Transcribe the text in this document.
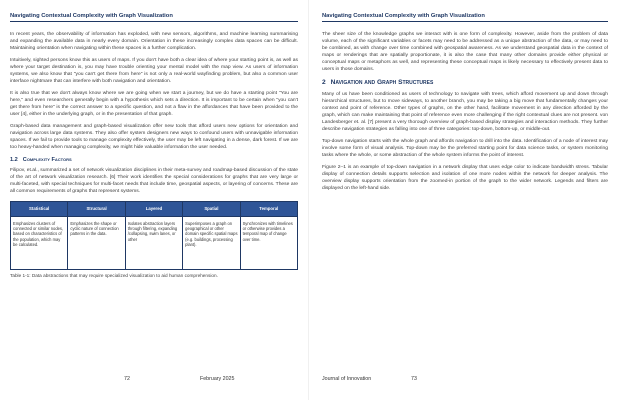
Navigating Contextual Complexity with Graph Visualization

In recent years, the observability of information has exploded, with new sensors, algorithms, and machine learning summarising and expanding the available data in nearly every domain. Orientation in these increasingly complex data spaces can be difficult. Maintaining orientation when navigating within these spaces is a further complication.

Intuitively, sighted persons know this as users of maps. If you don't have both a clear idea of where your starting point is, as well as where your target destination is, you may have trouble orienting your mental model with the map view. As users of information systems, we also know that "you can't get there from here" is not only a real-world wayfinding problem, but also a common user interface nightmare that can interfere with both navigation and orientation.

It is also true that we don't always know where we are going when we start a journey, but we do have a starting point "You are here," and even researchers generally begin with a hypothesis which sets a direction. It is important to be certain when "you can't get there from here" is the correct answer to a specific question, and not a flaw in the affordances that have been provided to the user [4], either in the underlying graph, or in the presentation of that graph.

Graph-based data management and graph-based visualization offer new tools that afford users new options for orientation and navigation across large data systems. They also offer system designers new ways to confound users with unnavigable information spaces. If we fail to provide tools to manage complexity effectively, the user may be left navigating in a dense, dark forest. If we are too heavy-handed when managing complexity, we might hide valuable information the user needed.

1.2 Complexity Factors

Filipov, et.al., summarized a set of network visualization disciplines in their meta-survey and roadmap-based discussion of the state of the art of network visualization research. [6] Their work identifies the special considerations for graphs that are very large or multi-faceted, with special techniques for multi-facet needs that include time, geospatial aspects, or layering of concerns. These are all common requirements of graphs that represent systems.

Statistical	Structural	Layered	Spatial	Temporal
Emphasizes clusters of connected or similar nodes, based on characteristics of the population, which may be calculated.	Emphasizes the shape or cyclic nature of connection patterns in the data.	Isolates abstraction layers through filtering, expanding /collapsing, swim lanes, or other	Superimposes a graph on geographical or other domain specific spatial maps (e.g. buildings, processing plant).	Synchronizes with timelines or otherwise provides a temporal map of change over time.
Table 1-1: Data abstractions that may require specialized visualization to aid human comprehension.
72	February 2025
Navigating Contextual Complexity with Graph Visualization

The sheer size of the knowledge graphs we interact with is one form of complexity. However, aside from the problem of data volume, each of the significant variables or facets may need to be addressed as a unique abstraction of the data, or may need to be combined, as with change over time combined with geospatial awareness. As we understand geospatial data in the context of maps or renderings that are spatially proportionate, it is also the case that many other domains provide either physical or conceptual maps or metaphors as well, and representing these conceptual maps is likely necessary to effectively present data to users in those domains.

2 Navigation and Graph Structures

Many of us have been conditioned as users of technology to navigate with trees, which afford movement up and down through hierarchical structures, but to move sideways, to another branch, you may be taking a big move that fundamentally changes your context and point of reference. Other types of graphs, on the other hand, facilitate movement in any direction afforded by the graph, which can make maintaining that point of reference even more challenging if the right contextual clues are not present. von Landesberger et. al. [7] present a very thorough overview of graph-based display strategies and interaction methods. They further describe navigation strategies as falling into one of three categories: top-down, bottom-up, or middle-out.

Top-down navigation starts with the whole graph and affords navigation to drill into the data. Identification of a node of interest may involve some form of visual analysis. Top-down may be the preferred starting point for data science tasks, or system monitoring tasks where the whole, or some abstraction of the whole system informs the point of interest.

Figure 2–1 is an example of top-down navigation in a network display that uses edge color to indicate bandwidth stress. Tabular display of connection details supports selection and isolation of one more nodes within the network for deeper analysis. The overview display supports orientation from the zoomed-in portion of the graph to the wider network. Legends and filters are displayed on the left-hand side.

Journal of Innovation	73
